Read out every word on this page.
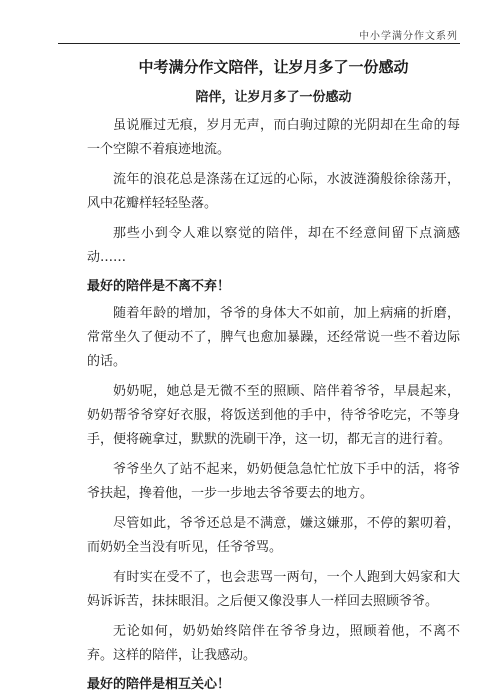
中小学满分作文系列
中考满分作文陪伴，让岁月多了一份感动
陪伴，让岁月多了一份感动

虽说雁过无痕，岁月无声，而白驹过隙的光阴却在生命的每一个空隙不着痕迹地流。

流年的浪花总是涤荡在辽远的心际，水波涟漪般徐徐荡开，风中花瓣样轻轻坠落。

那些小到令人难以察觉的陪伴，却在不经意间留下点滴感动……

最好的陪伴是不离不弃！

随着年龄的增加，爷爷的身体大不如前，加上病痛的折磨，常常坐久了便动不了，脾气也愈加暴躁，还经常说一些不着边际的话。

奶奶呢，她总是无微不至的照顾、陪伴着爷爷，早晨起来，奶奶帮爷爷穿好衣服，将饭送到他的手中，待爷爷吃完，不等身手，便将碗拿过，默默的洗刷干净，这一切，都无言的进行着。

爷爷坐久了站不起来，奶奶便急急忙忙放下手中的活，将爷爷扶起，搀着他，一步一步地去爷爷要去的地方。

尽管如此，爷爷还总是不满意，嫌这嫌那，不停的絮叨着，而奶奶全当没有听见，任爷爷骂。

有时实在受不了，也会悲骂一两句，一个人跑到大妈家和大妈诉诉苦，抹抹眼泪。之后便又像没事人一样回去照顾爷爷。

无论如何，奶奶始终陪伴在爷爷身边，照顾着他，不离不弃。这样的陪伴，让我感动。

最好的陪伴是相互关心！
